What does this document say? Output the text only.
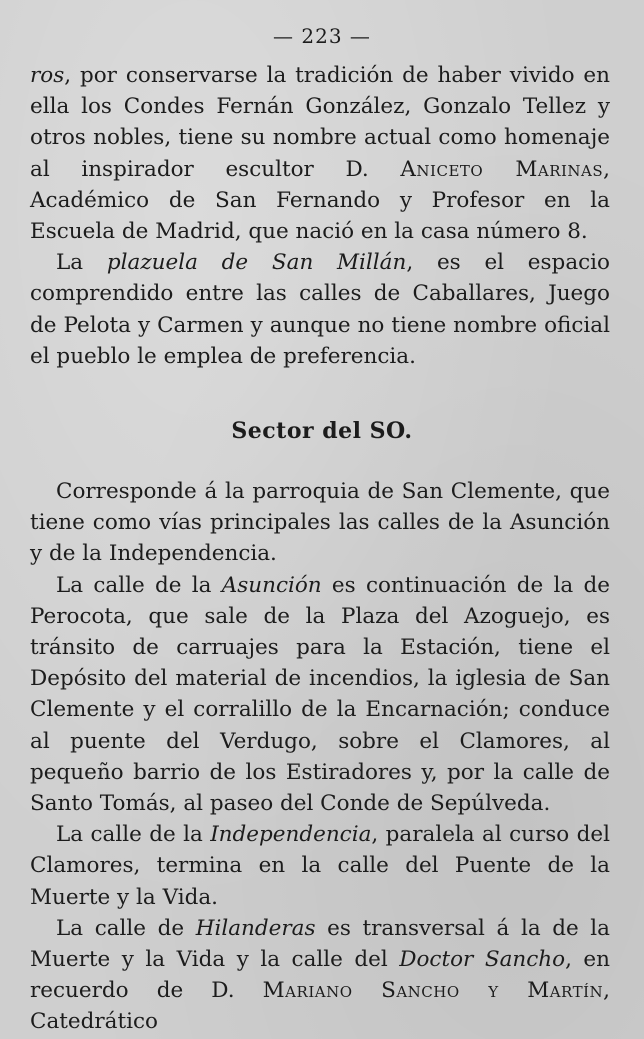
— 223 —

ros, por conservarse la tradición de haber vivido en ella los Condes Fernán González, Gonzalo Tellez y otros nobles, tiene su nombre actual como homenaje al inspirador escultor D. Aniceto Marinas, Académico de San Fernando y Profesor en la Escuela de Madrid, que nació en la casa número 8.

La plazuela de San Millán, es el espacio comprendido entre las calles de Caballares, Juego de Pelota y Carmen y aunque no tiene nombre oficial el pueblo le emplea de preferencia.

Sector del SO.

Corresponde á la parroquia de San Clemente, que tiene como vías principales las calles de la Asunción y de la Independencia.

La calle de la Asunción es continuación de la de Perocota, que sale de la Plaza del Azoguejo, es tránsito de carruajes para la Estación, tiene el Depósito del material de incendios, la iglesia de San Clemente y el corralillo de la Encarnación; conduce al puente del Verdugo, sobre el Clamores, al pequeño barrio de los Estiradores y, por la calle de Santo Tomás, al paseo del Conde de Sepúlveda.

La calle de la Independencia, paralela al curso del Clamores, termina en la calle del Puente de la Muerte y la Vida.

La calle de Hilanderas es transversal á la de la Muerte y la Vida y la calle del Doctor Sancho, en recuerdo de D. Mariano Sancho y Martín, Catedrático
